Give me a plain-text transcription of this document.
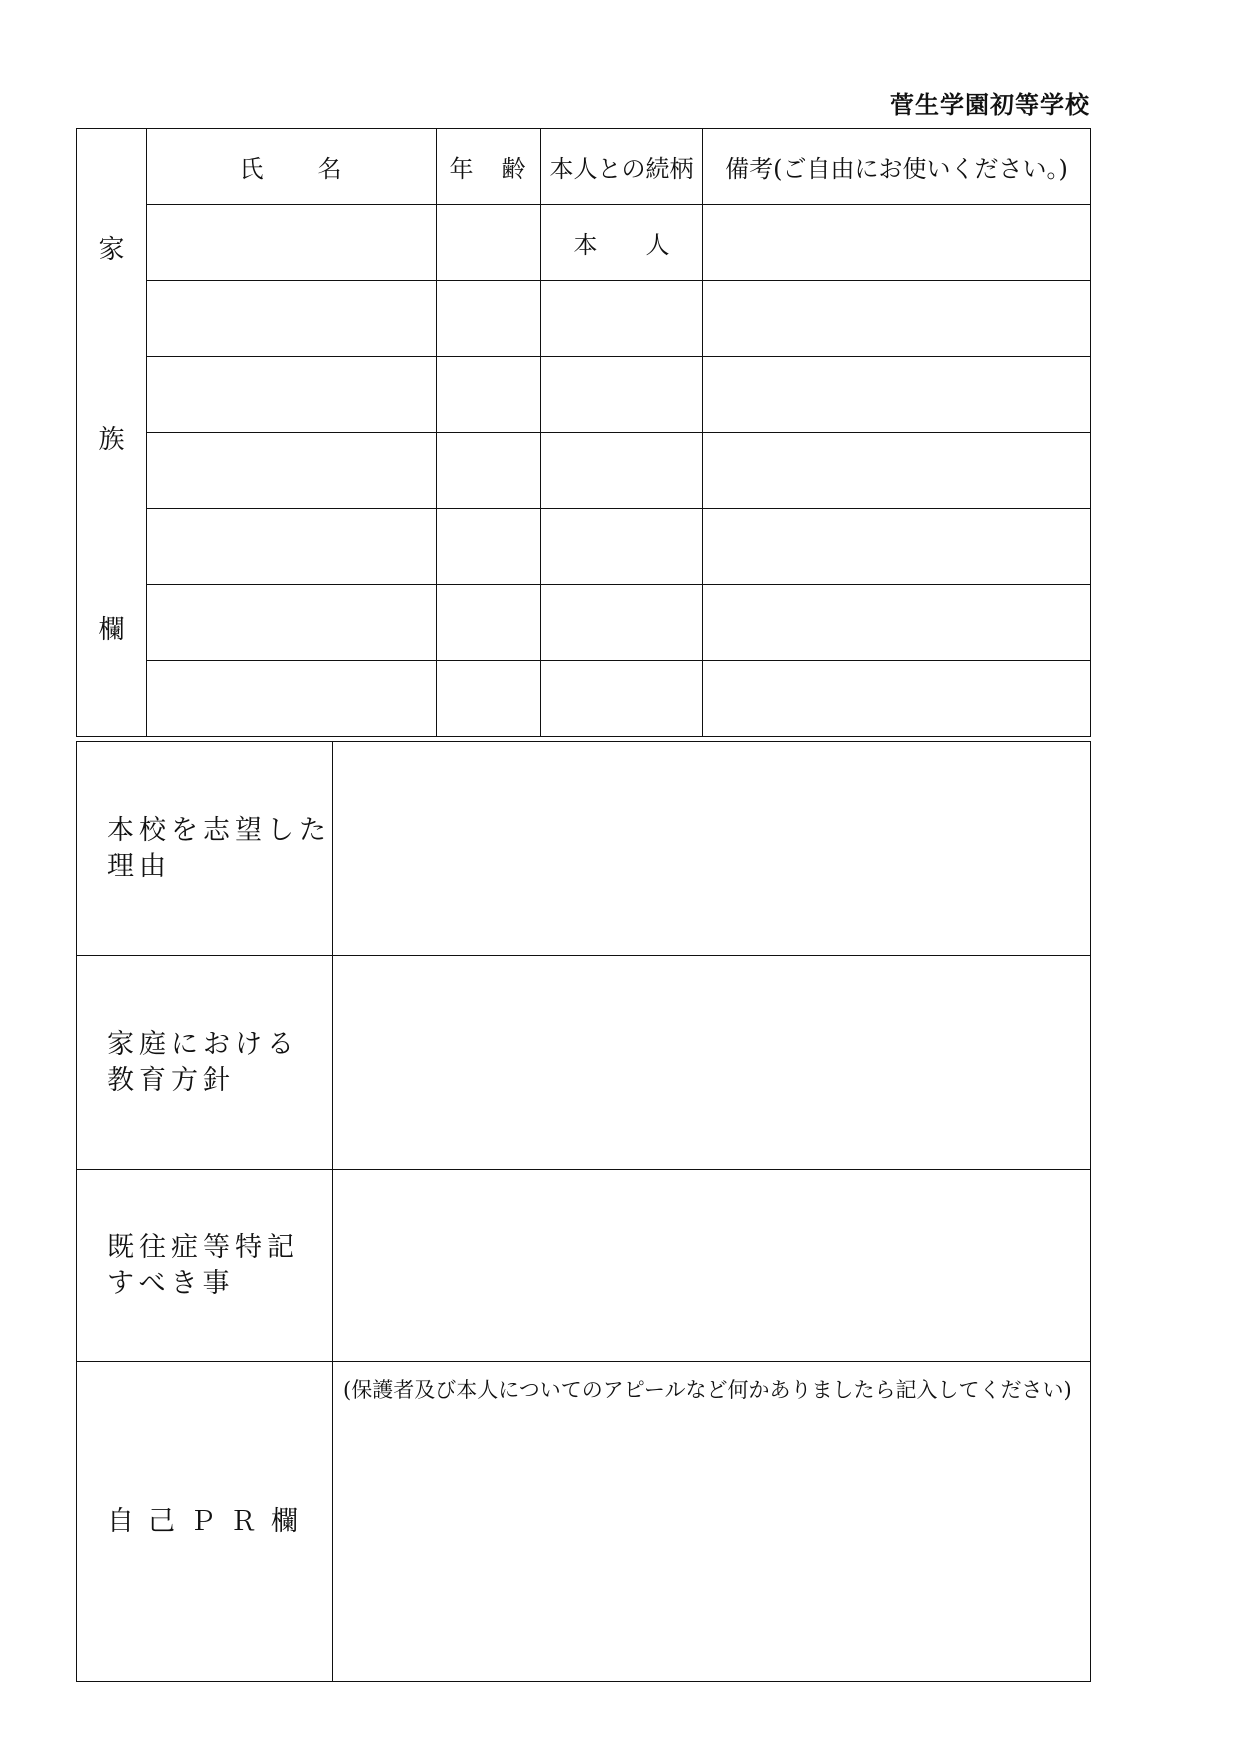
菅生学園初等学校
家
族
欄	氏　　名	年　齢	本人との続柄	備考(ご自由にお使いください。)
			本　　人	

本校を志望した
理由	
家庭における
教育方針	
既往症等特記
すべき事	
自己ＰＲ欄	(保護者及び本人についてのアピールなど何かありましたら記入してください)
